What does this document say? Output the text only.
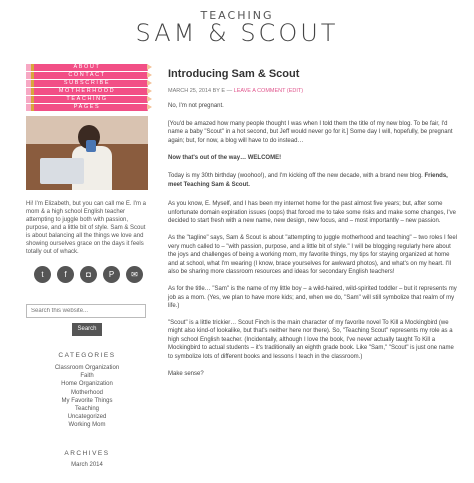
TEACHING
SAM & SCOUT
ABOUT
CONTACT
SUBSCRIBE
MOTHERHOOD
TEACHING
PAGES
Hi! I'm Elizabeth, but you can call me E. I'm a mom & a high school English teacher attempting to juggle both with passion, purpose, and a little bit of style. Sam & Scout is about balancing all the things we love and showing ourselves grace on the days it feels totally out of whack.
t	f	◘	P	✉
Search this website...
Search
CATEGORIES
Classroom Organization
Faith
Home Organization
Motherhood
My Favorite Things
Teaching
Uncategorized
Working Mom
ARCHIVES
March 2014
Introducing Sam & Scout
MARCH 25, 2014 BY E — LEAVE A COMMENT (EDIT)

No, I'm not pregnant.

[You'd be amazed how many people thought I was when I told them the title of my new blog. To be fair, I'd name a baby "Scout" in a hot second, but Jeff would never go for it.] Some day I will, hopefully, be pregnant again; but, for now, a blog will have to do instead…

Now that's out of the way… WELCOME!

Today is my 30th birthday (woohoo!), and I'm kicking off the new decade, with a brand new blog. Friends, meet Teaching Sam & Scout.

As you know, E. Myself, and I has been my internet home for the past almost five years; but, after some unfortunate domain expiration issues (oops) that forced me to take some risks and make some changes, I've decided to start fresh with a new name, new design, new focus, and – most importantly – new passion.

As the "tagline" says, Sam & Scout is about "attempting to juggle motherhood and teaching" – two roles I feel very much called to – "with passion, purpose, and a little bit of style." I will be blogging regularly here about the joys and challenges of being a working mom, my favorite things, my tips for staying organized at home and at school, what I'm wearing (I know, brace yourselves for awkward photos), and what's on my heart. I'll also be sharing more classroom resources and ideas for secondary English teachers!

As for the title… "Sam" is the name of my little boy – a wild-haired, wild-spirited toddler – but it represents my job as a mom. (Yes, we plan to have more kids; and, when we do, "Sam" will still symbolize that realm of my life.)

"Scout" is a little trickier… Scout Finch is the main character of my favorite novel To Kill a Mockingbird (we might also kind-of lookalike, but that's neither here nor there). So, "Teaching Scout" represents my role as a high school English teacher. (Incidentally, although I love the book, I've never actually taught To Kill a Mockingbird to actual students – it's traditionally an eighth grade book. Like "Sam," "Scout" is just one name to symbolize lots of different books and lessons I teach in the classroom.)

Make sense?
